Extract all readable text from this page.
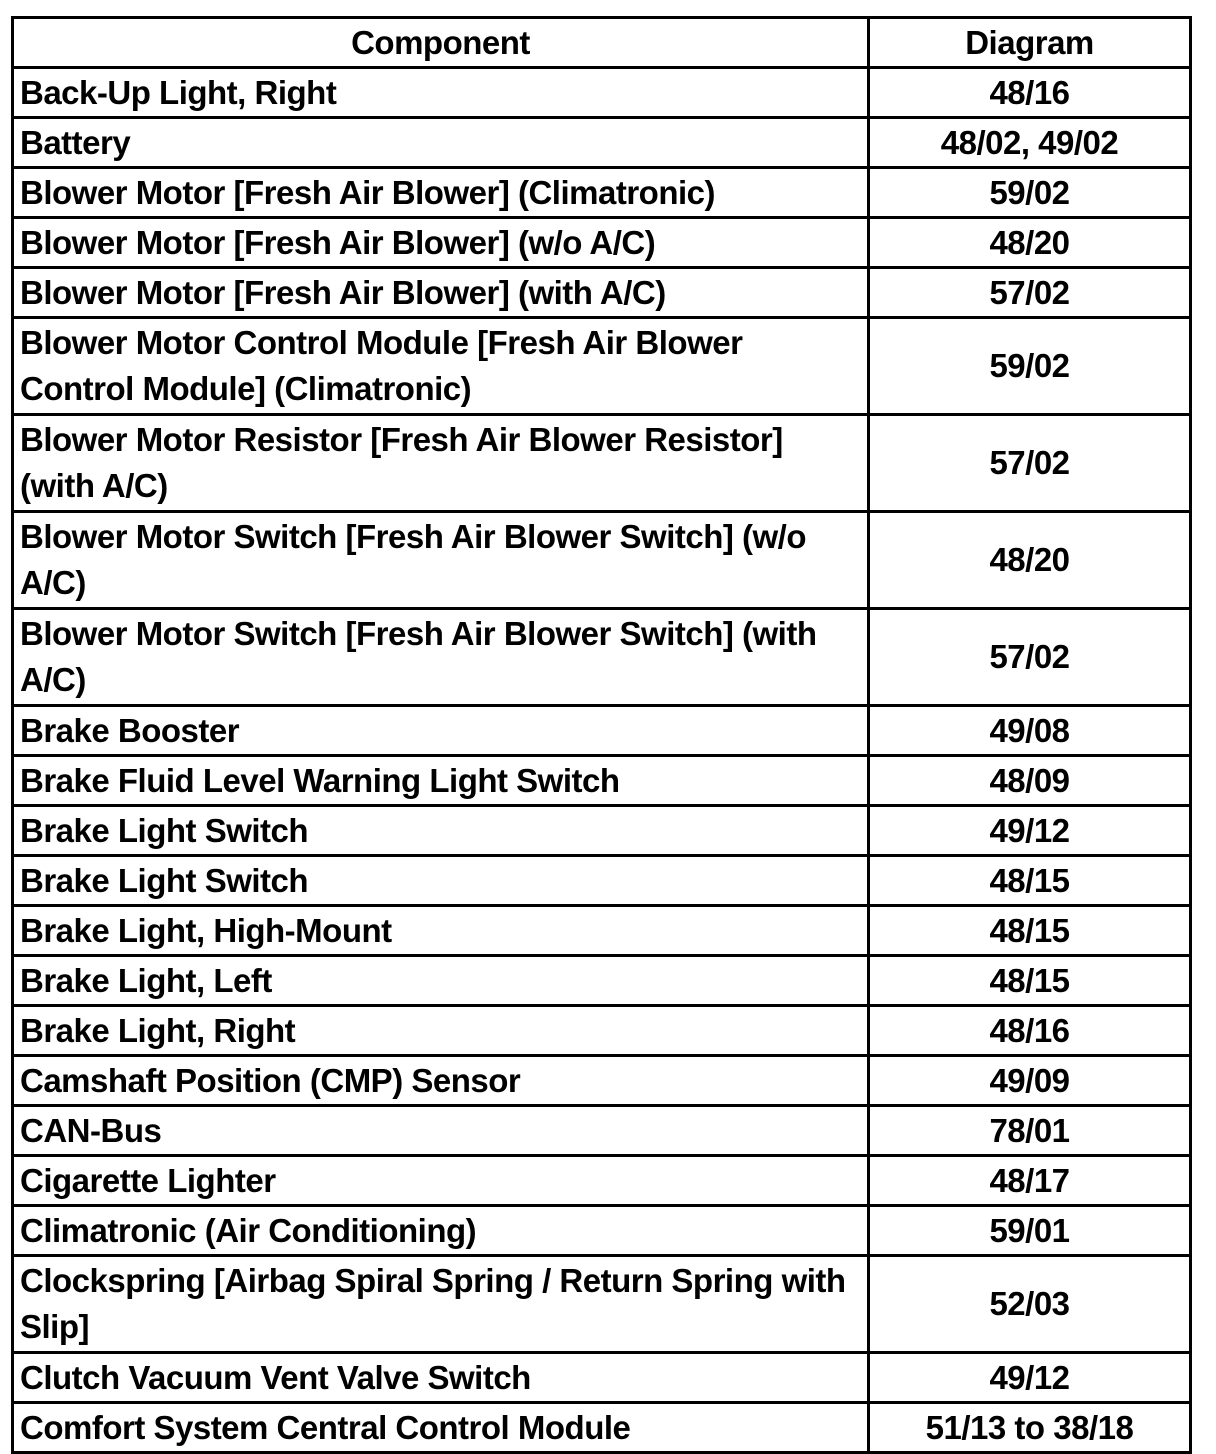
Component	Diagram
Back-Up Light, Right	48/16
Battery	48/02, 49/02
Blower Motor [Fresh Air Blower] (Climatronic)	59/02
Blower Motor [Fresh Air Blower] (w/o A/C)	48/20
Blower Motor [Fresh Air Blower] (with A/C)	57/02
Blower Motor Control Module [Fresh Air Blower Control Module] (Climatronic)	59/02
Blower Motor Resistor [Fresh Air Blower Resistor] (with A/C)	57/02
Blower Motor Switch [Fresh Air Blower Switch] (w/o A/C)	48/20
Blower Motor Switch [Fresh Air Blower Switch] (with A/C)	57/02
Brake Booster	49/08
Brake Fluid Level Warning Light Switch	48/09
Brake Light Switch	49/12
Brake Light Switch	48/15
Brake Light, High-Mount	48/15
Brake Light, Left	48/15
Brake Light, Right	48/16
Camshaft Position (CMP) Sensor	49/09
CAN-Bus	78/01
Cigarette Lighter	48/17
Climatronic (Air Conditioning)	59/01
Clockspring [Airbag Spiral Spring / Return Spring with Slip]	52/03
Clutch Vacuum Vent Valve Switch	49/12
Comfort System Central Control Module	51/13 to 38/18
